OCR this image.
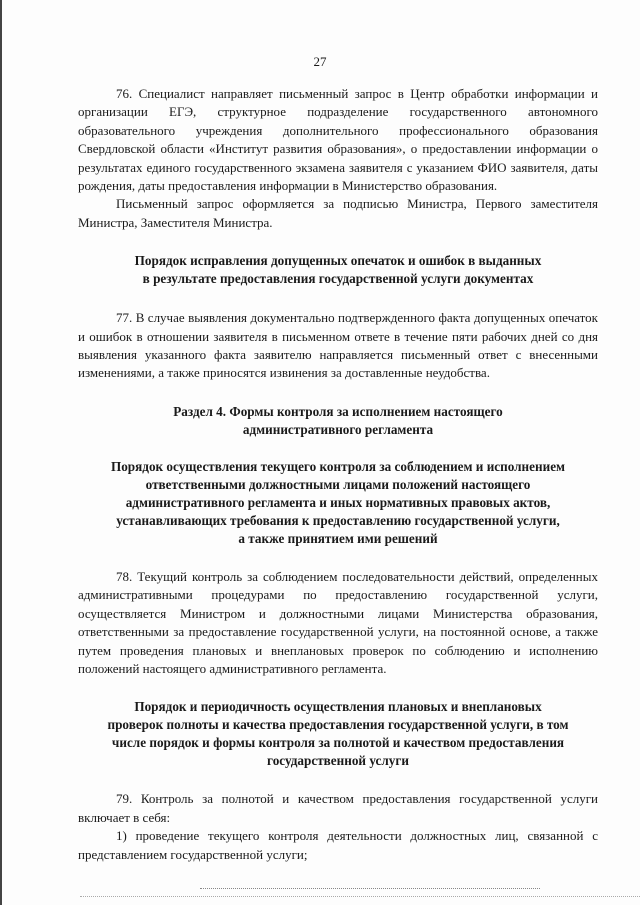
27

76. Специалист направляет письменный запрос в Центр обработки информации и организации ЕГЭ, структурное подразделение государственного автономного образовательного учреждения дополнительного профессионального образования Свердловской области «Институт развития образования», о предоставлении информации о результатах единого государственного экзамена заявителя с указанием ФИО заявителя, даты рождения, даты предоставления информации в Министерство образования.

Письменный запрос оформляется за подписью Министра, Первого заместителя Министра, Заместителя Министра.

Порядок исправления допущенных опечаток и ошибок в выданных
в результате предоставления государственной услуги документах

77. В случае выявления документально подтвержденного факта допущенных опечаток и ошибок в отношении заявителя в письменном ответе в течение пяти рабочих дней со дня выявления указанного факта заявителю направляется письменный ответ с внесенными изменениями, а также приносятся извинения за доставленные неудобства.

Раздел 4. Формы контроля за исполнением настоящего
административного регламента
Порядок осуществления текущего контроля за соблюдением и исполнением
ответственными должностными лицами положений настоящего
административного регламента и иных нормативных правовых актов,
устанавливающих требования к предоставлению государственной услуги,
а также принятием ими решений

78. Текущий контроль за соблюдением последовательности действий, определенных административными процедурами по предоставлению государственной услуги, осуществляется Министром и должностными лицами Министерства образования, ответственными за предоставление государственной услуги, на постоянной основе, а также путем проведения плановых и внеплановых проверок по соблюдению и исполнению положений настоящего административного регламента.

Порядок и периодичность осуществления плановых и внеплановых
проверок полноты и качества предоставления государственной услуги, в том
числе порядок и формы контроля за полнотой и качеством предоставления
государственной услуги

79. Контроль за полнотой и качеством предоставления государственной услуги включает в себя:

1) проведение текущего контроля деятельности должностных лиц, связанной с представлением государственной услуги;
